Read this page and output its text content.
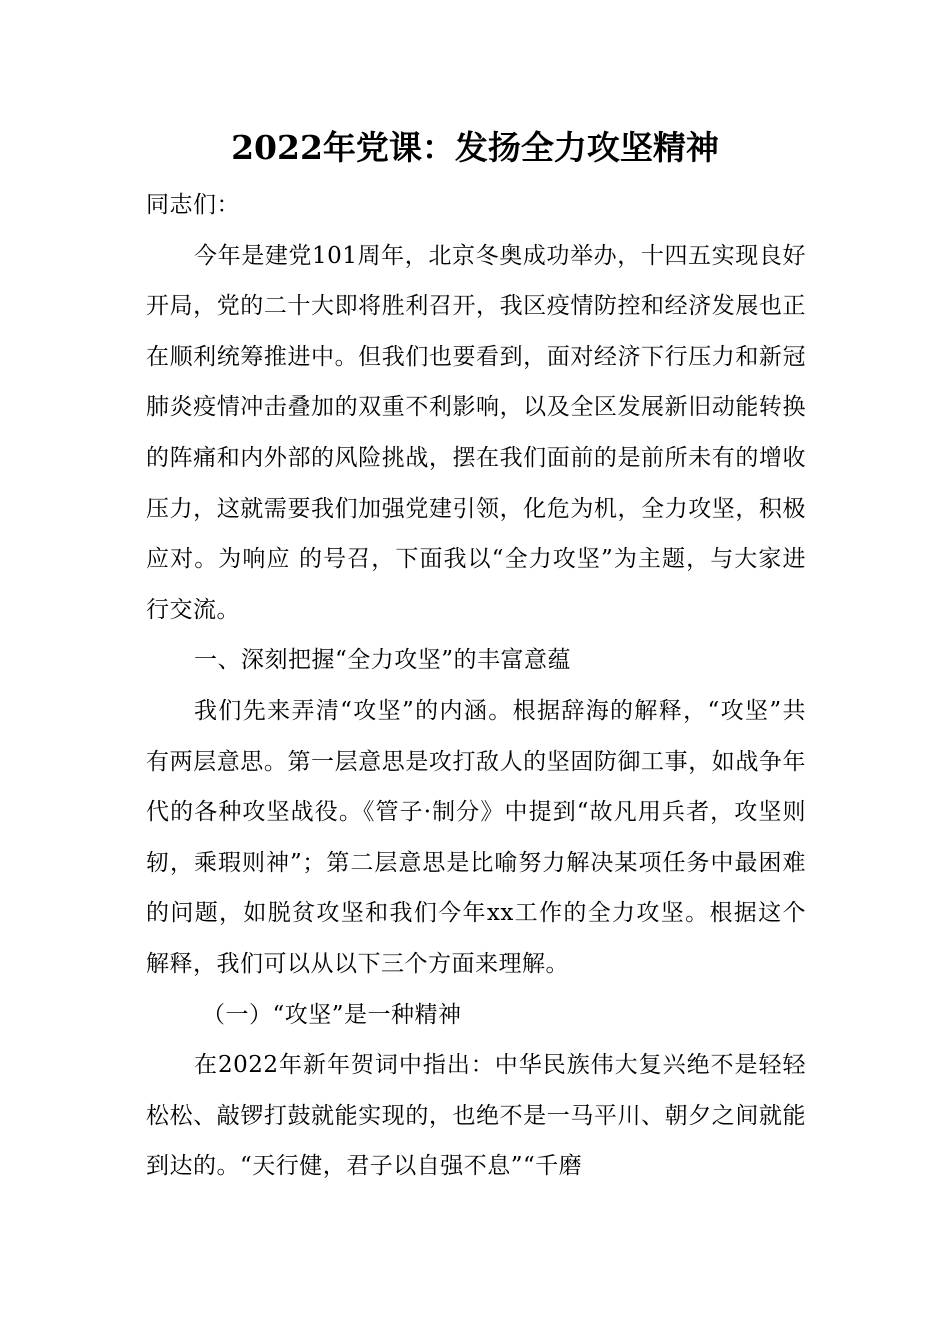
2022年党课：发扬全力攻坚精神

同志们：

今年是建党101周年，北京冬奥成功举办，十四五实现良好开局，党的二十大即将胜利召开，我区疫情防控和经济发展也正在顺利统筹推进中。但我们也要看到，面对经济下行压力和新冠肺炎疫情冲击叠加的双重不利影响，以及全区发展新旧动能转换的阵痛和内外部的风险挑战，摆在我们面前的是前所未有的增收压力，这就需要我们加强党建引领，化危为机，全力攻坚，积极应对。为响应 的号召，下面我以“全力攻坚”为主题，与大家进行交流。

一、深刻把握“全力攻坚”的丰富意蕴

我们先来弄清“攻坚”的内涵。根据辞海的解释，“攻坚”共有两层意思。第一层意思是攻打敌人的坚固防御工事，如战争年代的各种攻坚战役。《管子·制分》中提到“故凡用兵者，攻坚则轫，乘瑕则神”；第二层意思是比喻努力解决某项任务中最困难的问题，如脱贫攻坚和我们今年xx工作的全力攻坚。根据这个解释，我们可以从以下三个方面来理解。

（一）“攻坚”是一种精神

在2022年新年贺词中指出：中华民族伟大复兴绝不是轻轻松松、敲锣打鼓就能实现的，也绝不是一马平川、朝夕之间就能到达的。“天行健，君子以自强不息”“千磨
